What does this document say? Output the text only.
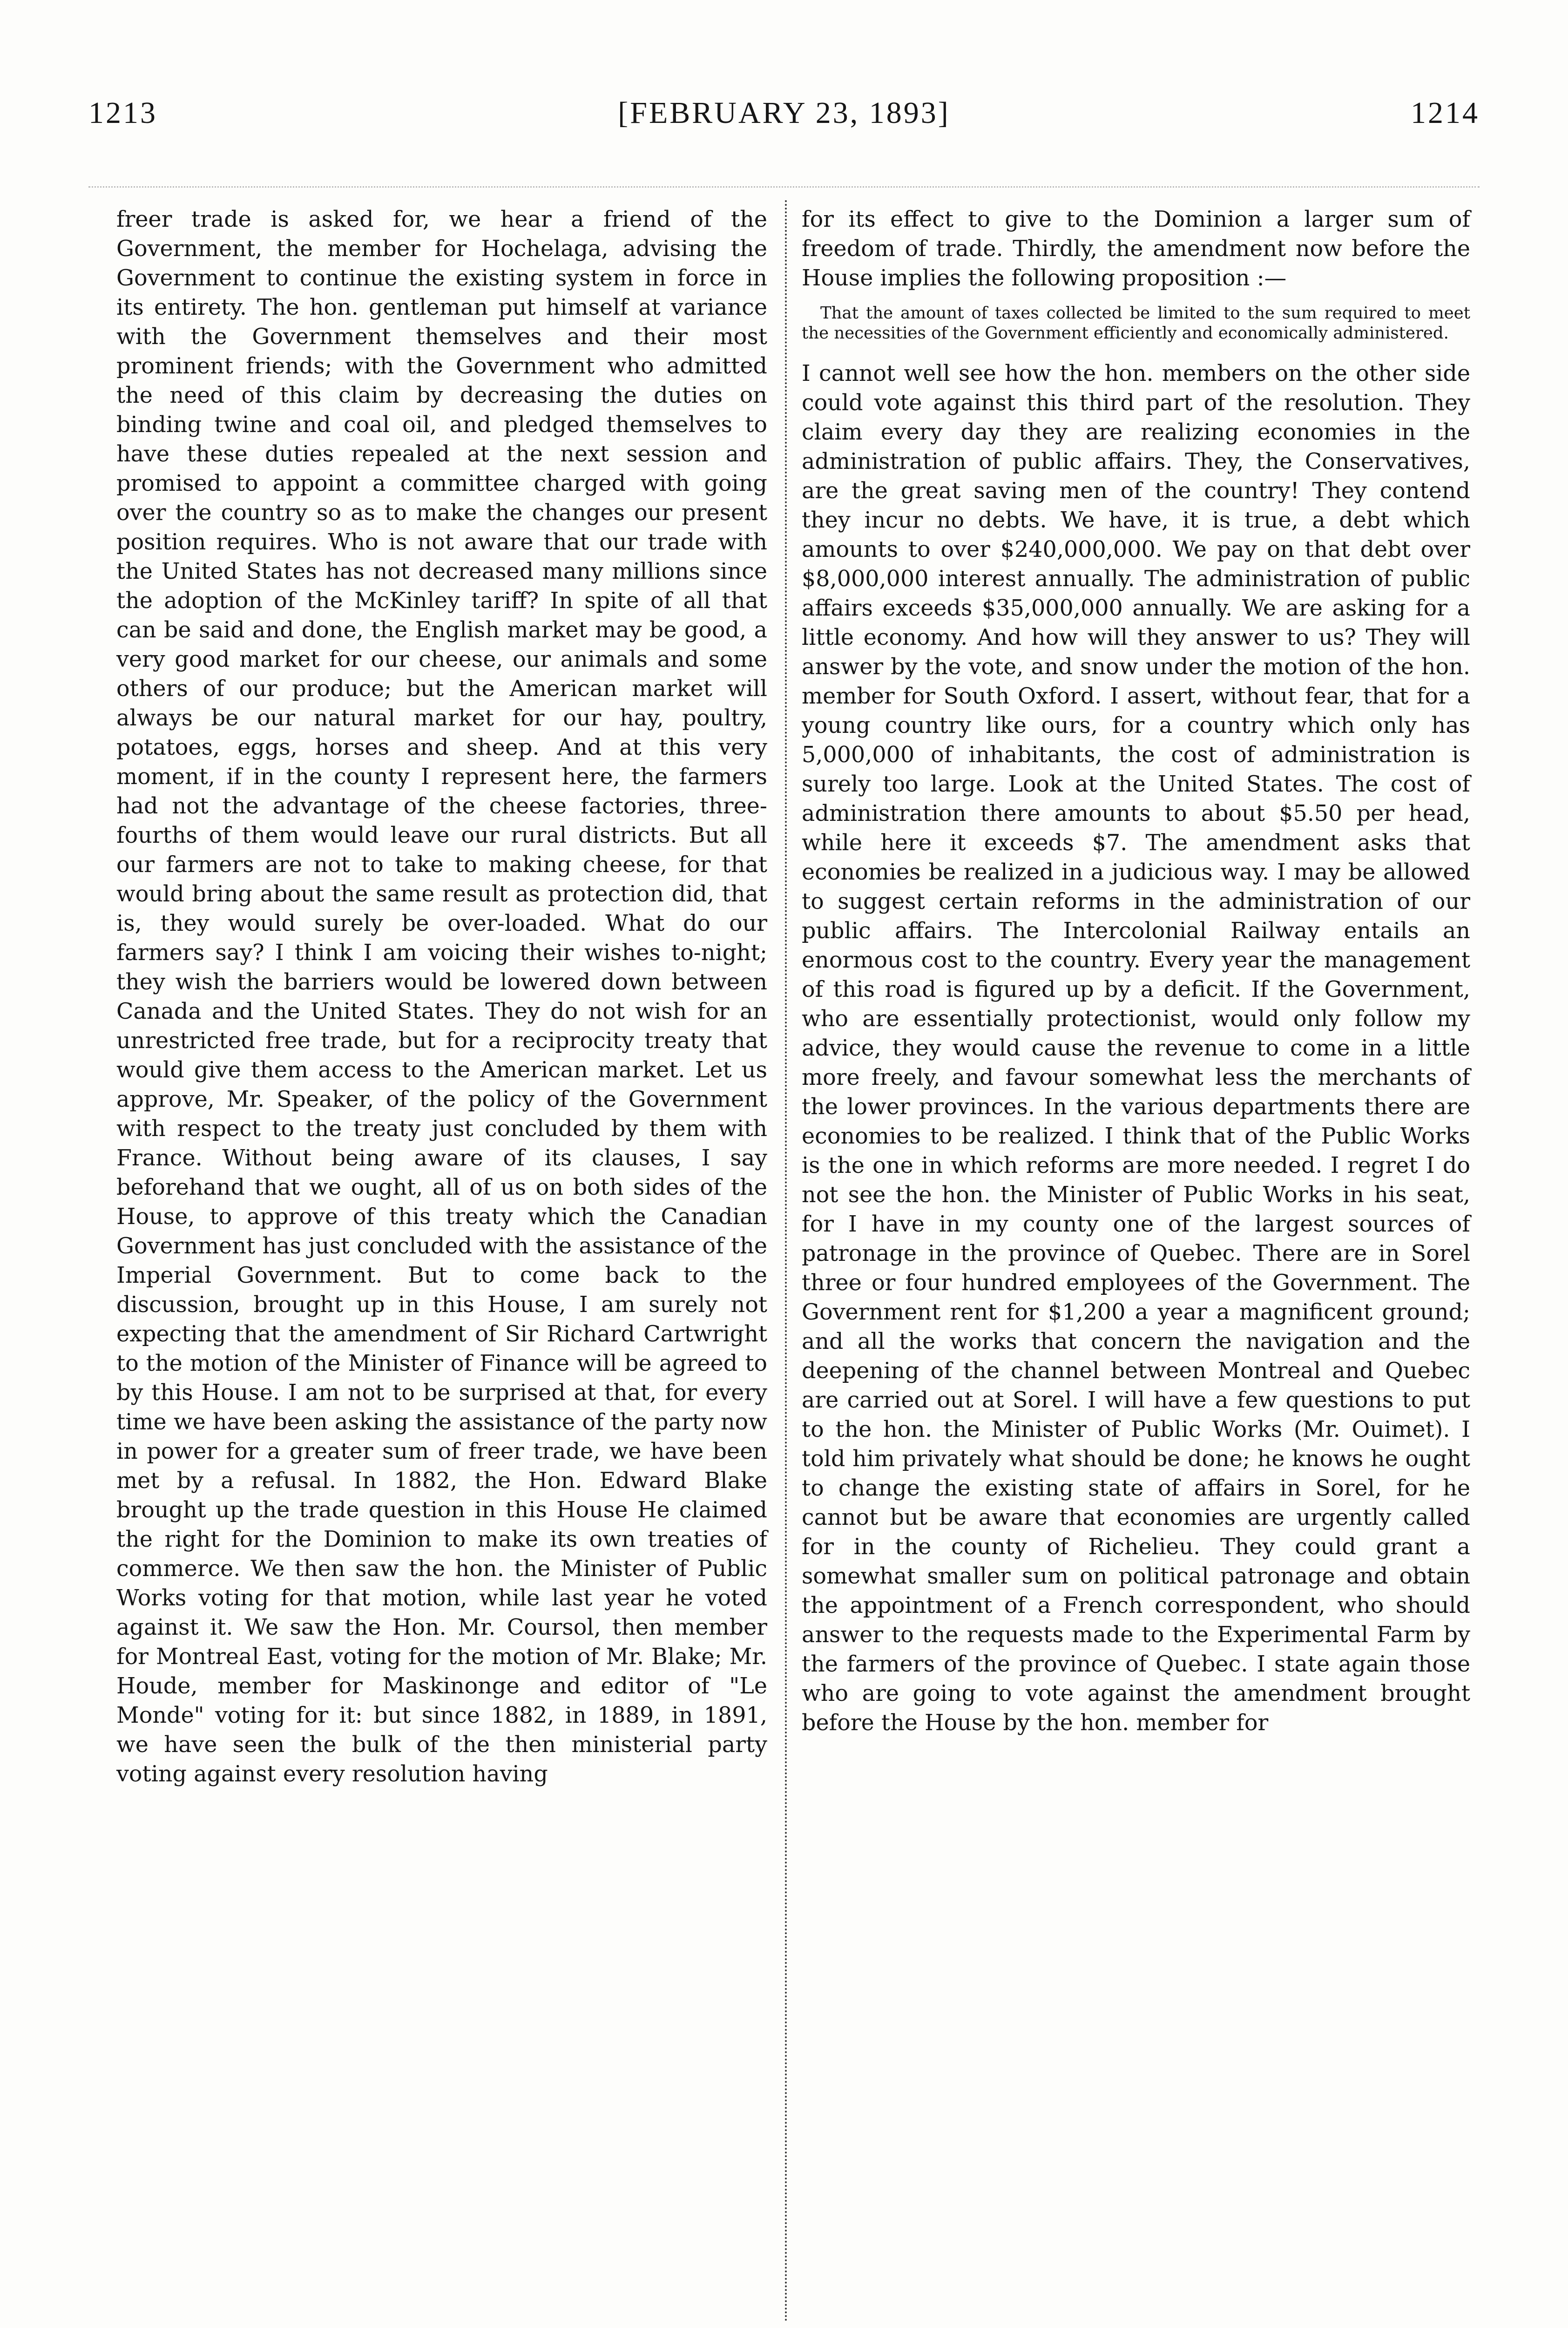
1213	[FEBRUARY 23, 1893]	1214

freer trade is asked for, we hear a friend of the Government, the member for Hochelaga, advising the Government to continue the existing system in force in its entirety. The hon. gentleman put himself at variance with the Government themselves and their most prominent friends; with the Government who admitted the need of this claim by decreasing the duties on binding twine and coal oil, and pledged themselves to have these duties repealed at the next session and promised to appoint a committee charged with going over the country so as to make the changes our present position requires. Who is not aware that our trade with the United States has not decreased many millions since the adoption of the McKinley tariff? In spite of all that can be said and done, the English market may be good, a very good market for our cheese, our animals and some others of our produce; but the American market will always be our natural market for our hay, poultry, potatoes, eggs, horses and sheep. And at this very moment, if in the county I represent here, the farmers had not the advantage of the cheese factories, three-fourths of them would leave our rural districts. But all our farmers are not to take to making cheese, for that would bring about the same result as protection did, that is, they would surely be over-loaded. What do our farmers say? I think I am voicing their wishes to-night; they wish the barriers would be lowered down between Canada and the United States. They do not wish for an unrestricted free trade, but for a reciprocity treaty that would give them access to the American market. Let us approve, Mr. Speaker, of the policy of the Government with respect to the treaty just concluded by them with France. Without being aware of its clauses, I say beforehand that we ought, all of us on both sides of the House, to approve of this treaty which the Canadian Government has just concluded with the assistance of the Imperial Government. But to come back to the discussion, brought up in this House, I am surely not expecting that the amendment of Sir Richard Cartwright to the motion of the Minister of Finance will be agreed to by this House. I am not to be surprised at that, for every time we have been asking the assistance of the party now in power for a greater sum of freer trade, we have been met by a refusal. In 1882, the Hon. Edward Blake brought up the trade question in this House He claimed the right for the Dominion to make its own treaties of commerce. We then saw the hon. the Minister of Public Works voting for that motion, while last year he voted against it. We saw the Hon. Mr. Coursol, then member for Montreal East, voting for the motion of Mr. Blake; Mr. Houde, member for Maskinonge and editor of "Le Monde" voting for it: but since 1882, in 1889, in 1891, we have seen the bulk of the then ministerial party voting against every resolution having

for its effect to give to the Dominion a larger sum of freedom of trade. Thirdly, the amendment now before the House implies the following proposition :—

That the amount of taxes collected be limited to the sum required to meet the necessities of the Government efficiently and economically administered.

I cannot well see how the hon. members on the other side could vote against this third part of the resolution. They claim every day they are realizing economies in the administration of public affairs. They, the Conservatives, are the great saving men of the country! They contend they incur no debts. We have, it is true, a debt which amounts to over $240,000,000. We pay on that debt over $8,000,000 interest annually. The administration of public affairs exceeds $35,000,000 annually. We are asking for a little economy. And how will they answer to us? They will answer by the vote, and snow under the motion of the hon. member for South Oxford. I assert, without fear, that for a young country like ours, for a country which only has 5,000,000 of inhabitants, the cost of administration is surely too large. Look at the United States. The cost of administration there amounts to about $5.50 per head, while here it exceeds $7. The amendment asks that economies be realized in a judicious way. I may be allowed to suggest certain reforms in the administration of our public affairs. The Intercolonial Railway entails an enormous cost to the country. Every year the management of this road is figured up by a deficit. If the Government, who are essentially protectionist, would only follow my advice, they would cause the revenue to come in a little more freely, and favour somewhat less the merchants of the lower provinces. In the various departments there are economies to be realized. I think that of the Public Works is the one in which reforms are more needed. I regret I do not see the hon. the Minister of Public Works in his seat, for I have in my county one of the largest sources of patronage in the province of Quebec. There are in Sorel three or four hundred employees of the Government. The Government rent for $1,200 a year a magnificent ground; and all the works that concern the navigation and the deepening of the channel between Montreal and Quebec are carried out at Sorel. I will have a few questions to put to the hon. the Minister of Public Works (Mr. Ouimet). I told him privately what should be done; he knows he ought to change the existing state of affairs in Sorel, for he cannot but be aware that economies are urgently called for in the county of Richelieu. They could grant a somewhat smaller sum on political patronage and obtain the appointment of a French correspondent, who should answer to the requests made to the Experimental Farm by the farmers of the province of Quebec. I state again those who are going to vote against the amendment brought before the House by the hon. member for
